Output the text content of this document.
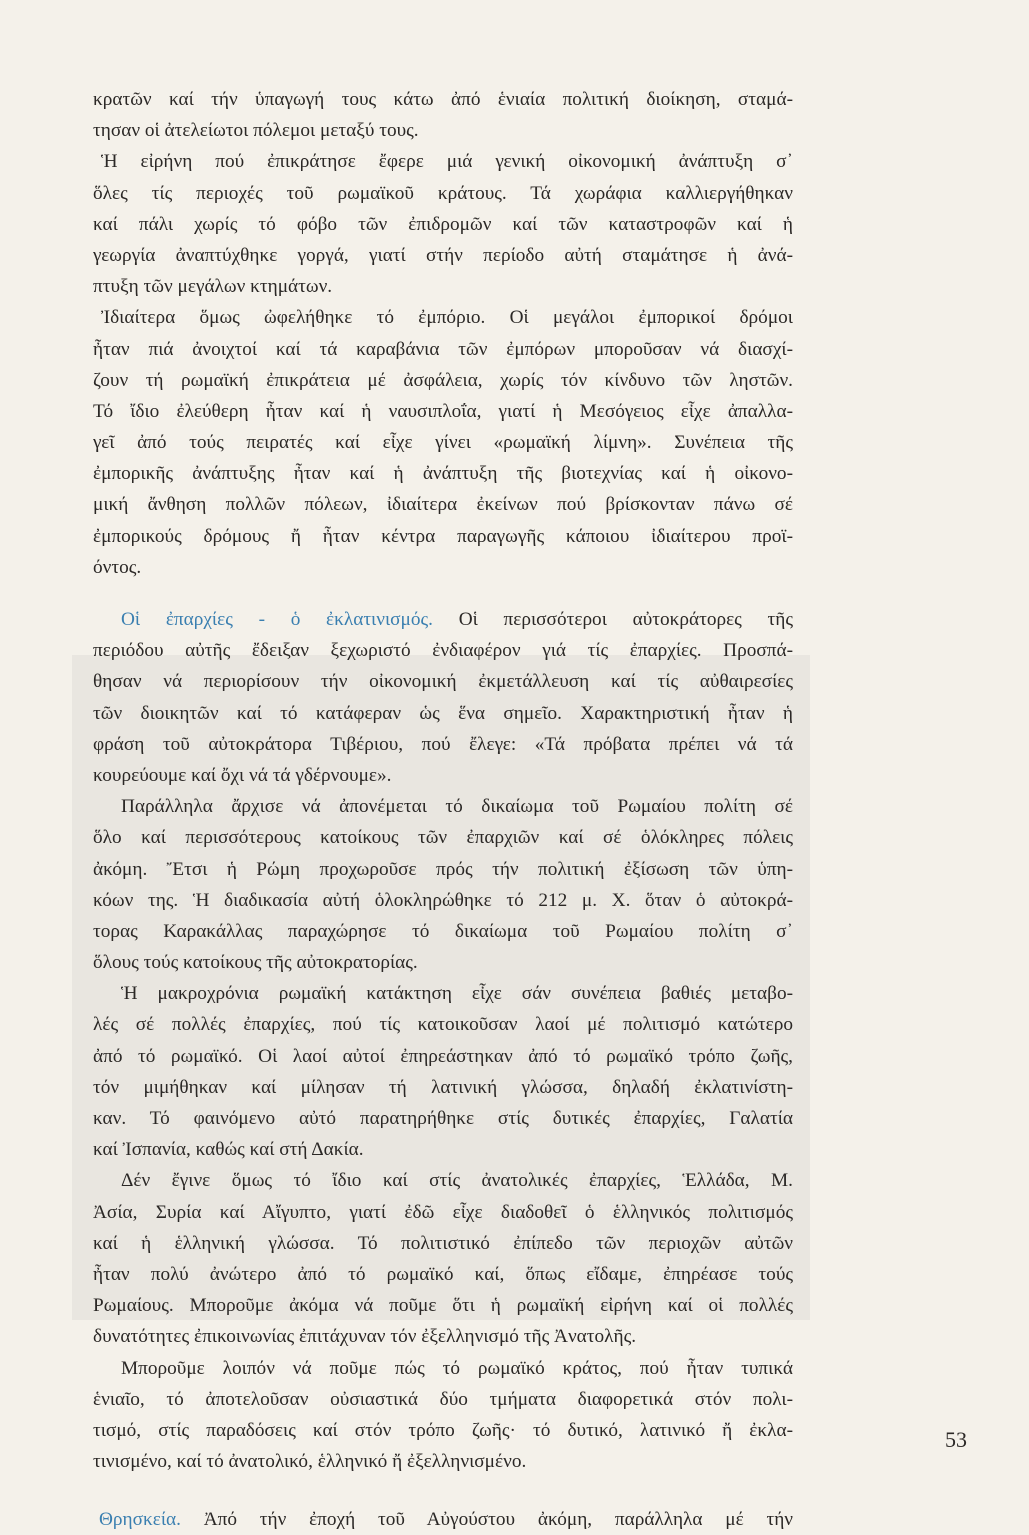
κρατῶν καί τήν ὑπαγωγή τους κάτω ἀπό ἑνιαία πολιτική διοίκηση, σταμά-
τησαν οἱ ἀτελείωτοι πόλεμοι μεταξύ τους.
Ἡ εἰρήνη πού ἐπικράτησε ἔφερε μιά γενική οἰκονομική ἀνάπτυξη σ᾿
ὅλες τίς περιοχές τοῦ ρωμαϊκοῦ κράτους. Τά χωράφια καλλιεργήθηκαν
καί πάλι χωρίς τό φόβο τῶν ἐπιδρομῶν καί τῶν καταστροφῶν καί ἡ
γεωργία ἀναπτύχθηκε γοργά, γιατί στήν περίοδο αὐτή σταμάτησε ἡ ἀνά-
πτυξη τῶν μεγάλων κτημάτων.
Ἰδιαίτερα ὅμως ὠφελήθηκε τό ἐμπόριο. Οἱ μεγάλοι ἐμπορικοί δρόμοι
ἦταν πιά ἀνοιχτοί καί τά καραβάνια τῶν ἐμπόρων μποροῦσαν νά διασχί-
ζουν τή ρωμαϊκή ἐπικράτεια μέ ἀσφάλεια, χωρίς τόν κίνδυνο τῶν ληστῶν.
Τό ἴδιο ἐλεύθερη ἦταν καί ἡ ναυσιπλοΐα, γιατί ἡ Μεσόγειος εἶχε ἀπαλλα-
γεῖ ἀπό τούς πειρατές καί εἶχε γίνει «ρωμαϊκή λίμνη». Συνέπεια τῆς
ἐμπορικῆς ἀνάπτυξης ἦταν καί ἡ ἀνάπτυξη τῆς βιοτεχνίας καί ἡ οἰκονο-
μική ἄνθηση πολλῶν πόλεων, ἰδιαίτερα ἐκείνων πού βρίσκονταν πάνω σέ
ἐμπορικούς δρόμους ἤ ἦταν κέντρα παραγωγῆς κάποιου ἰδιαίτερου προϊ-
όντος.
Οἱ ἐπαρχίες - ὁ ἐκλατινισμός. Οἱ περισσότεροι αὐτοκράτορες τῆς
περιόδου αὐτῆς ἔδειξαν ξεχωριστό ἐνδιαφέρον γιά τίς ἐπαρχίες. Προσπά-
θησαν νά περιορίσουν τήν οἰκονομική ἐκμετάλλευση καί τίς αὐθαιρεσίες
τῶν διοικητῶν καί τό κατάφεραν ὡς ἕνα σημεῖο. Χαρακτηριστική ἦταν ἡ
φράση τοῦ αὐτοκράτορα Τιβέριου, πού ἔλεγε: «Τά πρόβατα πρέπει νά τά
κουρεύουμε καί ὄχι νά τά γδέρνουμε».
Παράλληλα ἄρχισε νά ἀπονέμεται τό δικαίωμα τοῦ Ρωμαίου πολίτη σέ
ὅλο καί περισσότερους κατοίκους τῶν ἐπαρχιῶν καί σέ ὁλόκληρες πόλεις
ἀκόμη. Ἔτσι ἡ Ρώμη προχωροῦσε πρός τήν πολιτική ἐξίσωση τῶν ὑπη-
κόων της. Ἡ διαδικασία αὐτή ὁλοκληρώθηκε τό 212 μ. Χ. ὅταν ὁ αὐτοκρά-
τορας Καρακάλλας παραχώρησε τό δικαίωμα τοῦ Ρωμαίου πολίτη σ᾿
ὅλους τούς κατοίκους τῆς αὐτοκρατορίας.
Ἡ μακροχρόνια ρωμαϊκή κατάκτηση εἶχε σάν συνέπεια βαθιές μεταβο-
λές σέ πολλές ἐπαρχίες, πού τίς κατοικοῦσαν λαοί μέ πολιτισμό κατώτερο
ἀπό τό ρωμαϊκό. Οἱ λαοί αὐτοί ἐπηρεάστηκαν ἀπό τό ρωμαϊκό τρόπο ζωῆς,
τόν μιμήθηκαν καί μίλησαν τή λατινική γλώσσα, δηλαδή ἐκλατινίστη-
καν. Τό φαινόμενο αὐτό παρατηρήθηκε στίς δυτικές ἐπαρχίες, Γαλατία
καί Ἰσπανία, καθώς καί στή Δακία.
Δέν ἔγινε ὅμως τό ἴδιο καί στίς ἀνατολικές ἐπαρχίες, Ἑλλάδα, Μ.
Ἀσία, Συρία καί Αἴγυπτο, γιατί ἐδῶ εἶχε διαδοθεῖ ὁ ἑλληνικός πολιτισμός
καί ἡ ἑλληνική γλώσσα. Τό πολιτιστικό ἐπίπεδο τῶν περιοχῶν αὐτῶν
ἦταν πολύ ἀνώτερο ἀπό τό ρωμαϊκό καί, ὅπως εἴδαμε, ἐπηρέασε τούς
Ρωμαίους. Μποροῦμε ἀκόμα νά ποῦμε ὅτι ἡ ρωμαϊκή εἰρήνη καί οἱ πολλές
δυνατότητες ἐπικοινωνίας ἐπιτάχυναν τόν ἐξελληνισμό τῆς Ἀνατολῆς.
Μποροῦμε λοιπόν νά ποῦμε πώς τό ρωμαϊκό κράτος, πού ἦταν τυπικά
ἑνιαῖο, τό ἀποτελοῦσαν οὐσιαστικά δύο τμήματα διαφορετικά στόν πολι-
τισμό, στίς παραδόσεις καί στόν τρόπο ζωῆς· τό δυτικό, λατινικό ἤ ἐκλα-
τινισμένο, καί τό ἀνατολικό, ἑλληνικό ἤ ἐξελληνισμένο.
Θρησκεία. Ἀπό τήν ἐποχή τοῦ Αὐγούστου ἀκόμη, παράλληλα μέ τήν
53
